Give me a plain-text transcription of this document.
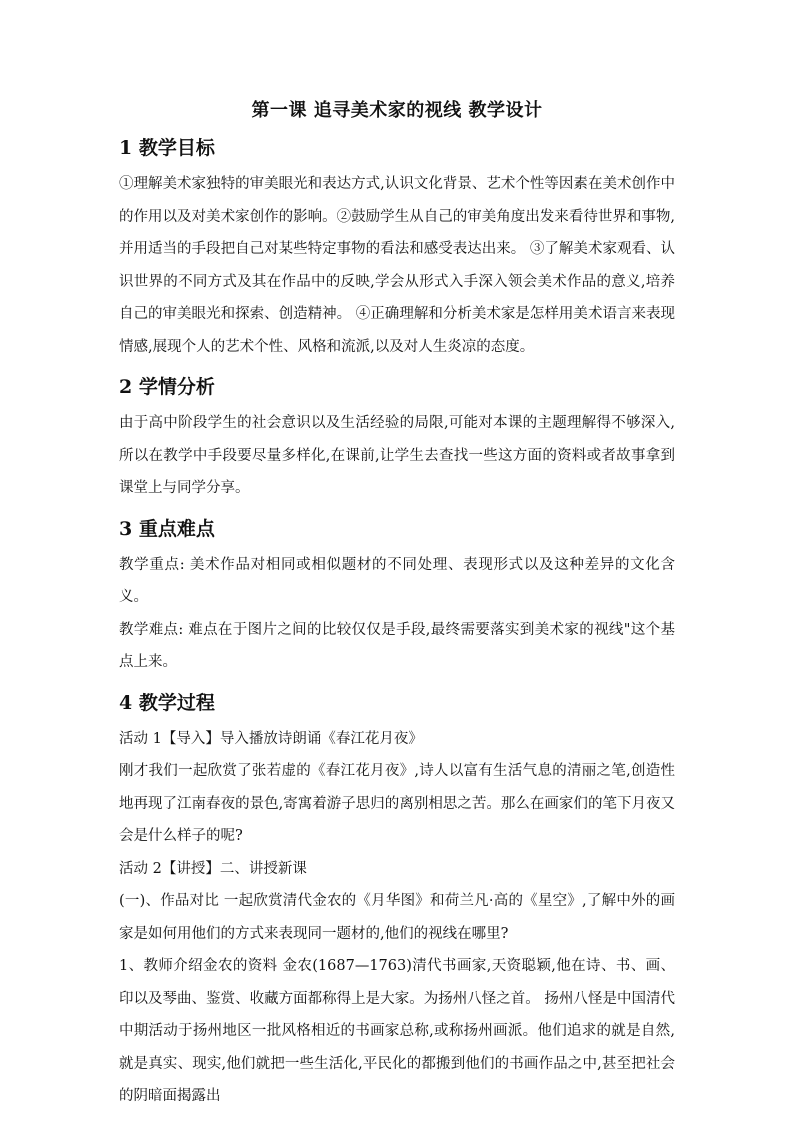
第一课 追寻美术家的视线 教学设计
1 教学目标

①理解美术家独特的审美眼光和表达方式,认识文化背景、艺术个性等因素在美术创作中的作用以及对美术家创作的影响。②鼓励学生从自己的审美角度出发来看待世界和事物,并用适当的手段把自己对某些特定事物的看法和感受表达出来。 ③了解美术家观看、认识世界的不同方式及其在作品中的反映,学会从形式入手深入领会美术作品的意义,培养自己的审美眼光和探索、创造精神。 ④正确理解和分析美术家是怎样用美术语言来表现情感,展现个人的艺术个性、风格和流派,以及对人生炎凉的态度。

2 学情分析

由于高中阶段学生的社会意识以及生活经验的局限,可能对本课的主题理解得不够深入,所以在教学中手段要尽量多样化,在课前,让学生去查找一些这方面的资料或者故事拿到课堂上与同学分享。

3 重点难点

教学重点: 美术作品对相同或相似题材的不同处理、表现形式以及这种差异的文化含义。

教学难点: 难点在于图片之间的比较仅仅是手段,最终需要落实到美术家的视线"这个基点上来。

4 教学过程

活动 1【导入】导入播放诗朗诵《春江花月夜》

刚才我们一起欣赏了张若虚的《春江花月夜》,诗人以富有生活气息的清丽之笔,创造性地再现了江南春夜的景色,寄寓着游子思归的离别相思之苦。那么在画家们的笔下月夜又会是什么样子的呢?

活动 2【讲授】二、讲授新课

(一)、作品对比 一起欣赏清代金农的《月华图》和荷兰凡·高的《星空》,了解中外的画家是如何用他们的方式来表现同一题材的,他们的视线在哪里?

1、教师介绍金农的资料 金农(1687—1763)清代书画家,天资聪颖,他在诗、书、画、印以及琴曲、鉴赏、收藏方面都称得上是大家。为扬州八怪之首。 扬州八怪是中国清代中期活动于扬州地区一批风格相近的书画家总称,或称扬州画派。他们追求的就是自然,就是真实、现实,他们就把一些生活化,平民化的都搬到他们的书画作品之中,甚至把社会的阴暗面揭露出
